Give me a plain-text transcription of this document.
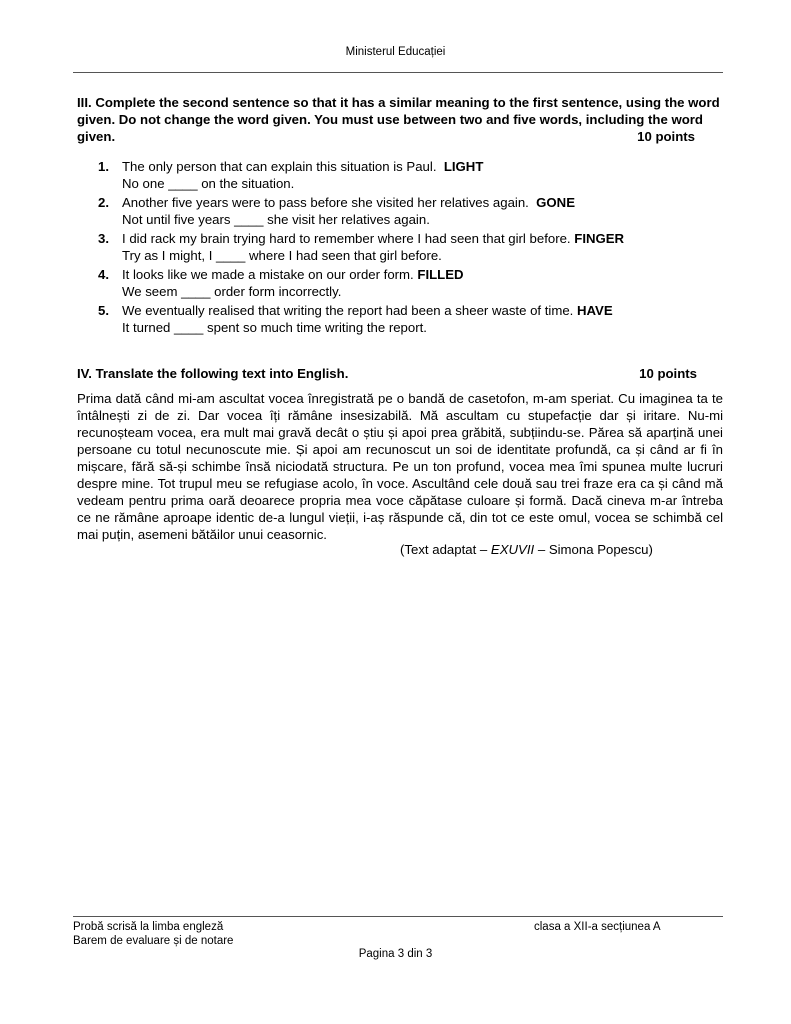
Ministerul Educației
III. Complete the second sentence so that it has a similar meaning to the first sentence, using the word given. Do not change the word given. You must use between two and five words, including the word given.	10 points
1. The only person that can explain this situation is Paul. LIGHT
No one ____ on the situation.
2. Another five years were to pass before she visited her relatives again. GONE
Not until five years ____ she visit her relatives again.
3. I did rack my brain trying hard to remember where I had seen that girl before. FINGER
Try as I might, I ____ where I had seen that girl before.
4. It looks like we made a mistake on our order form. FILLED
We seem ____ order form incorrectly.
5. We eventually realised that writing the report had been a sheer waste of time. HAVE
It turned ____ spent so much time writing the report.
IV. Translate the following text into English.	10 points

Prima dată când mi-am ascultat vocea înregistrată pe o bandă de casetofon, m-am speriat. Cu imaginea ta te întâlnești zi de zi. Dar vocea îți rămâne insesizabilă. Mă ascultam cu stupefacție dar și iritare. Nu-mi recunoșteam vocea, era mult mai gravă decât o știu și apoi prea grăbită, subțiindu-se. Părea să aparțină unei persoane cu totul necunoscute mie. Și apoi am recunoscut un soi de identitate profundă, ca și când ar fi în mișcare, fără să-și schimbe însă niciodată structura. Pe un ton profund, vocea mea îmi spunea multe lucruri despre mine. Tot trupul meu se refugiase acolo, în voce. Ascultând cele două sau trei fraze era ca și când mă vedeam pentru prima oară deoarece propria mea voce căpătase culoare și formă. Dacă cineva m-ar întreba ce ne rămâne aproape identic de-a lungul vieții, i-aș răspunde că, din tot ce este omul, vocea se schimbă cel mai puțin, asemeni bătăilor unui ceasornic.

(Text adaptat – EXUVII – Simona Popescu)
Probă scrisă la limba engleză
Barem de evaluare și de notare
clasa a XII-a secțiunea A
Pagina 3 din 3
